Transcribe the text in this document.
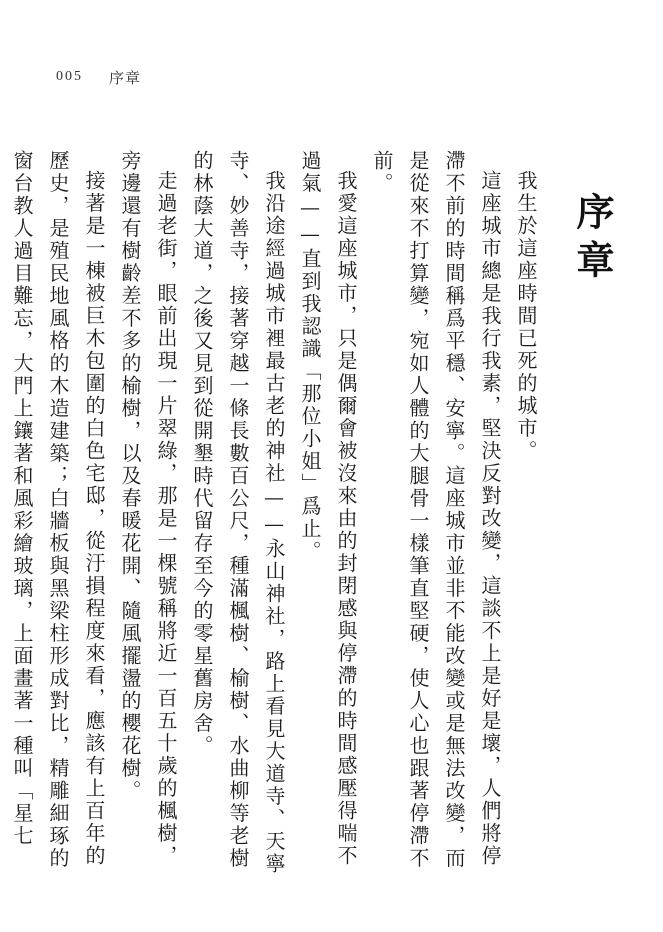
005 序章
序章

我生於這座時間已死的城市。

這座城市總是我行我素，堅決反對改變，這談不上是好是壞，人們將停滯不前的時間稱爲平穩、安寧。這座城市並非不能改變或是無法改變，而是從來不打算變，宛如人體的大腿骨一樣筆直堅硬，使人心也跟著停滯不前。

我愛這座城市，只是偶爾會被沒來由的封閉感與停滯的時間感壓得喘不過氣——直到我認識「那位小姐」爲止。

我沿途經過城市裡最古老的神社——永山神社，路上看見大道寺、天寧寺、妙善寺，接著穿越一條長數百公尺，種滿楓樹、榆樹、水曲柳等老樹的林蔭大道，之後又見到從開墾時代留存至今的零星舊房舍。

走過老街，眼前出現一片翠綠，那是一棵號稱將近一百五十歲的楓樹，旁邊還有樹齡差不多的榆樹，以及春暖花開、隨風擺盪的櫻花樹。

接著是一棟被巨木包圍的白色宅邸，從汙損程度來看，應該有上百年的歷史，是殖民地風格的木造建築；白牆板與黑梁柱形成對比，精雕細琢的窗台教人過目難忘，大門上鑲著和風彩繪玻璃，上面畫著一種叫「星七
